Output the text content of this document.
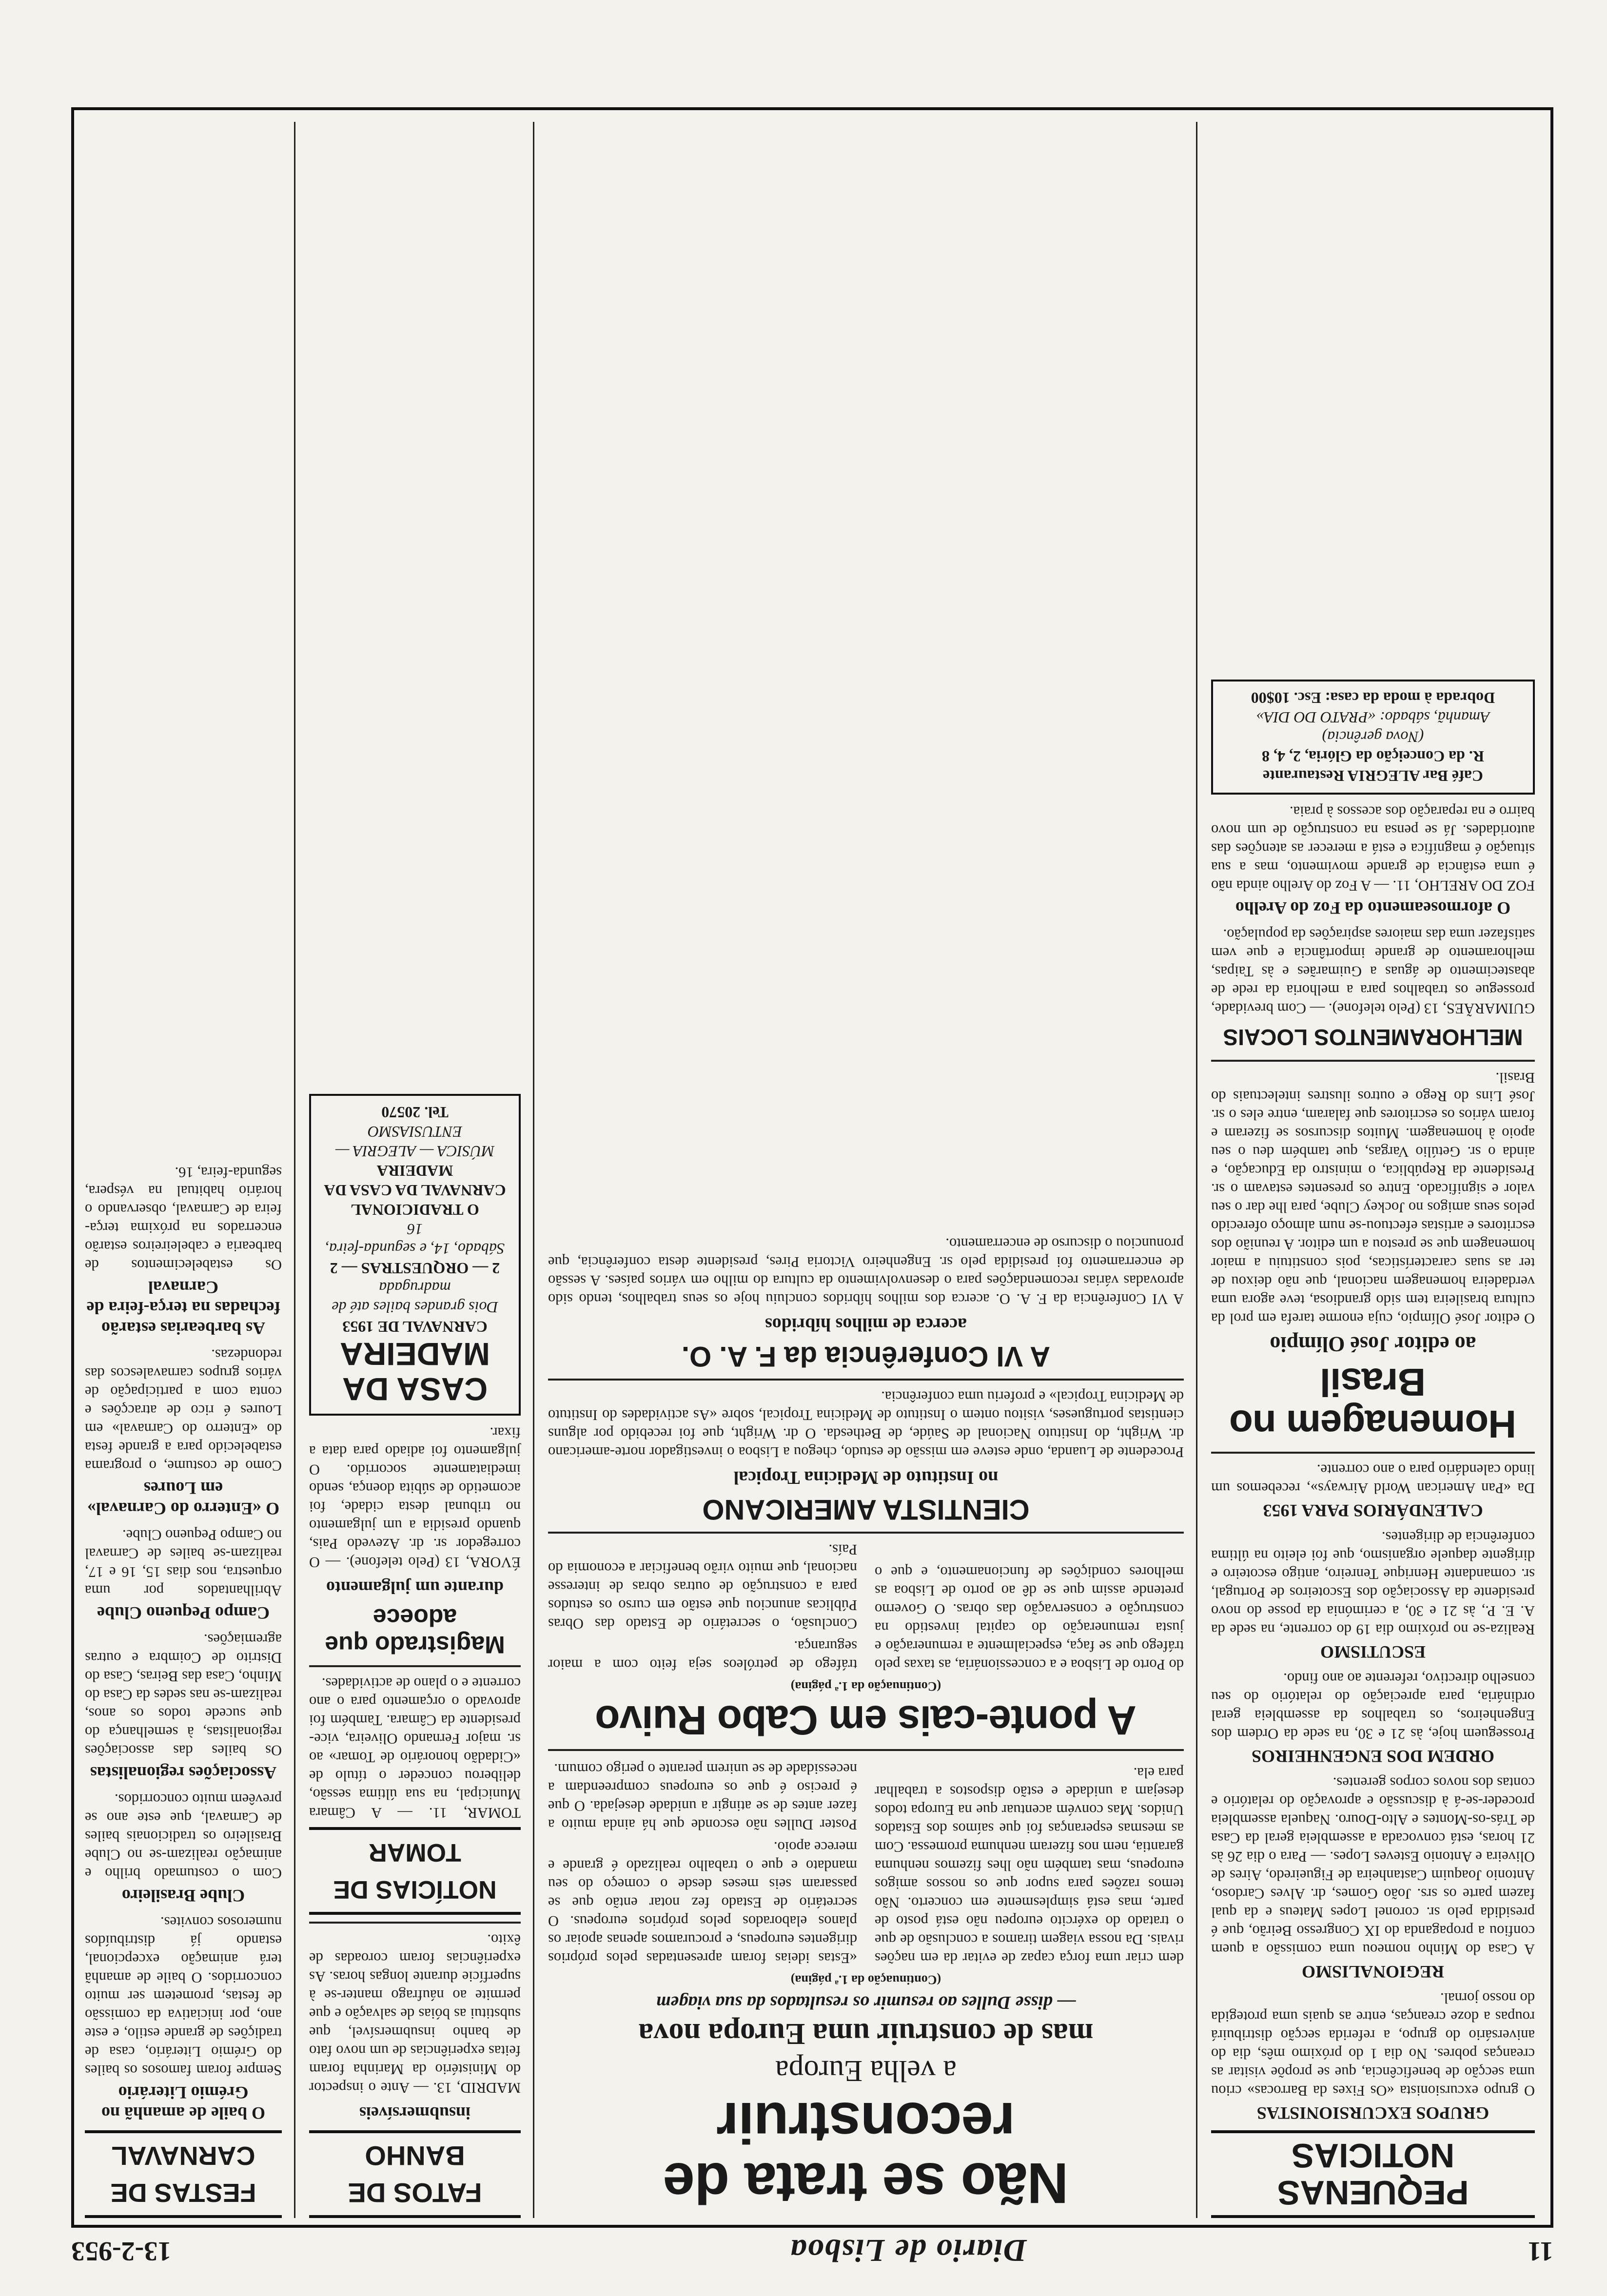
11
Diario de Lisboa
13-2-953
PEQUENAS NOTICIAS
GRUPOS EXCURSIONISTAS

O grupo excursionista «Os Fixes da Barrocas» criou uma secção de beneficência, que se propõe visitar as creanças pobres. No dia 1 do próximo mês, dia do aniversário do grupo, a referida secção distribuirá roupas a doze creanças, entre as quais uma protegida do nosso jornal.

REGIONALISMO

A Casa do Minho nomeou uma comissão a quem confiou a propaganda do IX Congresso Beirão, que é presidida pelo sr. coronel Lopes Mateus e da qual fazem parte os srs. João Gomes, dr. Alves Cardoso, Antonio Joaquim Castanheira de Figueiredo, Aires de Oliveira e Antonio Esteves Lopes. — Para o dia 26 às 21 horas, está convocada a assembleia geral da Casa de Trás-os-Montes e Alto-Douro. Naquela assembleia proceder-se-á à discussão e aprovação do relatório e contas dos novos corpos gerentes.

ORDEM DOS ENGENHEIROS

Prosseguem hoje, às 21 e 30, na sede da Ordem dos Engenheiros, os trabalhos da assembleia geral ordinária, para apreciação do relatório do seu conselho directivo, referente ao ano findo.

ESCUTISMO

Realiza-se no próximo dia 19 do corrente, na sede da A. E. P., às 21 e 30, a cerimónia da posse do novo presidente da Associação dos Escoteiros de Portugal, sr. comandante Henrique Tenreiro, antigo escoteiro e dirigente daquele organismo, que foi eleito na última conferência de dirigentes.

CALENDÁRIOS PARA 1953

Da «Pan American World Airways», recebemos um lindo calendário para o ano corrente.

Homenagem no Brasil
ao editor José Olímpio

O editor José Olímpio, cuja enorme tarefa em prol da cultura brasileira tem sido grandiosa, teve agora uma verdadeira homenagem nacional, que não deixou de ter as suas características, pois constituiu a maior homenagem que se prestou a um editor. A reunião dos escritores e artistas efectuou-se num almoço oferecido pelos seus amigos no Jockey Clube, para lhe dar o seu valor e significado. Entre os presentes estavam o sr. Presidente da República, o ministro da Educação, e ainda o sr. Getúlio Vargas, que também deu o seu apoio à homenagem. Muitos discursos se fizeram e foram vários os escritores que falaram, entre eles o sr. José Lins do Rego e outros ilustres intelectuais do Brasil.

MELHORAMENTOS LOCAIS

GUIMARÃES, 13 (Pelo telefone). — Com brevidade, prossegue os trabalhos para a melhoria da rede de abastecimento de águas a Guimarães e às Taipas, melhoramento de grande importância e que vem satisfazer uma das maiores aspirações da população.

O aformoseamento da Foz do Arelho

FOZ DO ARELHO, 11. — A Foz do Arelho ainda não é uma estância de grande movimento, mas a sua situação é magnífica e está a merecer as atenções das autoridades. Já se pensa na construção de um novo bairro e na reparação dos acessos à praia.

Café Bar ALEGRIA Restaurante
R. da Conceição da Glória, 2, 4, 8
(Nova gerência)
Amanhã, sábado: «PRATO DO DIA»
Dobrada à moda da casa: Esc. 10$00
Não se trata de reconstruir
a velha Europa
mas de construir uma Europa nova
— disse Dulles ao resumir os resultados da sua viagem
(Continuação da 1.ª página)

dem criar uma força capaz de evitar da em nações rivais. Da nossa viagem tiramos a conclusão de que o tratado do exército europeu não está posto de parte, mas está simplesmente em concerto. Não temos razões para supor que os nossos amigos europeus, mas também não lhes fizemos nenhuma garantia, nem nos fizeram nenhuma promessa. Com as mesmas esperanças foi que saímos dos Estados Unidos. Mas convém acentuar que na Europa todos desejam a unidade e estão dispostos a trabalhar para ela.

«Estas ideias foram apresentadas pelos próprios dirigentes europeus, e procuramos apenas apoiar os planos elaborados pelos próprios europeus. O secretário de Estado fez notar então que se passaram seis meses desde o começo do seu mandato e que o trabalho realizado é grande e merece apoio.

Poster Dulles não esconde que há ainda muito a fazer antes de se atingir a unidade desejada. O que é preciso é que os europeus compreendam a necessidade de se unirem perante o perigo comum.

A ponte-cais em Cabo Ruivo
(Continuação da 1.ª página)

do Porto de Lisboa e a concessionária, as taxas pelo tráfego que se faça, especialmente a remuneração e justa remuneração do capital investido na construção e conservação das obras. O Governo pretende assim que se dê ao porto de Lisboa as melhores condições de funcionamento, e que o tráfego de petróleos seja feito com a maior segurança.

Conclusão, o secretário de Estado das Obras Públicas anunciou que estão em curso os estudos para a construção de outras obras de interesse nacional, que muito virão beneficiar a economia do País.

CIENTISTA AMERICANO
no Instituto de Medicina Tropical

Procedente de Luanda, onde esteve em missão de estudo, chegou a Lisboa o investigador norte-americano dr. Wright, do Instituto Nacional de Saúde, de Bethesda. O dr. Wright, que foi recebido por alguns cientistas portugueses, visitou ontem o Instituto de Medicina Tropical, sobre «As actividades do Instituto de Medicina Tropical» e proferiu uma conferência.

A VI Conferência da F. A. O.
acerca de milhos híbridos

A VI Conferência da F. A. O. acerca dos milhos híbridos concluiu hoje os seus trabalhos, tendo sido aprovadas várias recomendações para o desenvolvimento da cultura do milho em vários países. A sessão de encerramento foi presidida pelo sr. Engenheiro Victoria Pires, presidente desta conferência, que pronunciou o discurso de encerramento.

FATOS DE BANHO
insubmersíveis

MADRID, 13. — Ante o inspector do Ministério da Marinha foram feitas experiências de um novo fato de banho insubmersível, que substitui as bóias de salvação e que permite ao náufrago manter-se à superfície durante longas horas. As experiências foram coroadas de êxito.

NOTÍCIAS DE TOMAR

TOMAR, 11. — A Câmara Municipal, na sua última sessão, deliberou conceder o título de «Cidadão honorário de Tomar» ao sr. major Fernando Oliveira, vice-presidente da Câmara. Também foi aprovado o orçamento para o ano corrente e o plano de actividades.

Magistrado que adoece
durante um julgamento

ÉVORA, 13 (Pelo telefone). — O corregedor sr. dr. Azevedo Pais, quando presidia a um julgamento no tribunal desta cidade, foi acometido de súbita doença, sendo imediatamente socorrido. O julgamento foi adiado para data a fixar.

CASA DA MADEIRA
CARNAVAL DE 1953
Dois grandes bailes até de madrugada
2 — ORQUESTRAS — 2
Sábado, 14, e segunda-feira, 16
O TRADICIONAL CARNAVAL DA CASA DA MADEIRA
MÚSICA — ALEGRIA — ENTUSIASMO
Tel. 20570
FESTAS DE CARNAVAL
O baile de amanhã no Grémio Literário

Sempre foram famosos os bailes do Grémio Literário, casa de tradições de grande estilo, e este ano, por iniciativa da comissão de festas, prometem ser muito concorridos. O baile de amanhã terá animação excepcional, estando já distribuídos numerosos convites.

Clube Brasileiro

Com o costumado brilho e animação realizam-se no Clube Brasileiro os tradicionais bailes de Carnaval, que este ano se prevêem muito concorridos.

Associações regionalistas

Os bailes das associações regionalistas, à semelhança do que sucede todos os anos, realizam-se nas sedes da Casa do Minho, Casa das Beiras, Casa do Distrito de Coimbra e outras agremiações.

Campo Pequeno Clube

Abrilhantados por uma orquestra, nos dias 15, 16 e 17, realizam-se bailes de Carnaval no Campo Pequeno Clube.

O «Enterro do Carnaval» em Loures

Como de costume, o programa estabelecido para a grande festa do «Enterro do Carnaval» em Loures é rico de atracções e conta com a participação de vários grupos carnavalescos das redondezas.

As barbearias estarão fechadas na terça-feira de Carnaval

Os estabelecimentos de barbearia e cabeleireiros estarão encerrados na próxima terça-feira de Carnaval, observando o horário habitual na véspera, segunda-feira, 16.
